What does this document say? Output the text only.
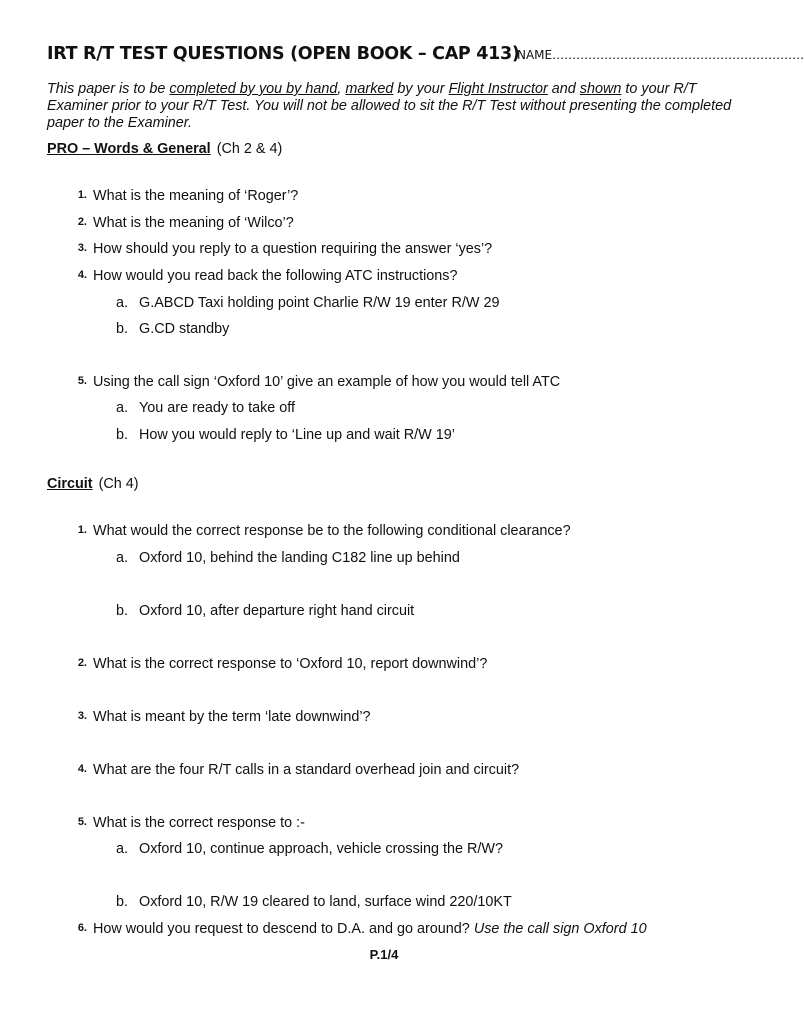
IRT R/T TEST QUESTIONS (OPEN BOOK – CAP 413)
NAME………………………………………………………
This paper is to be completed by you by hand, marked by your Flight Instructor and shown to your R/T Examiner prior to your R/T Test. You will not be allowed to sit the R/T Test without presenting the completed paper to the Examiner.
PRO – Words & General (Ch 2 & 4)
1. What is the meaning of ‘Roger’?
2. What is the meaning of ‘Wilco’?
3. How should you reply to a question requiring the answer ‘yes’?
4. How would you read back the following ATC instructions?
a. G.ABCD Taxi holding point Charlie R/W 19 enter R/W 29
b. G.CD standby
5. Using the call sign ‘Oxford 10’ give an example of how you would tell ATC
a. You are ready to take off
b. How you would reply to ‘Line up and wait R/W 19’
Circuit (Ch 4)
1. What would the correct response be to the following conditional clearance?
a. Oxford 10, behind the landing C182 line up behind
b. Oxford 10, after departure right hand circuit
2. What is the correct response to ‘Oxford 10, report downwind’?
3. What is meant by the term ‘late downwind’?
4. What are the four R/T calls in a standard overhead join and circuit?
5. What is the correct response to :-
a. Oxford 10, continue approach, vehicle crossing the R/W?
b. Oxford 10, R/W 19 cleared to land, surface wind 220/10KT
6. How would you request to descend to D.A. and go around? Use the call sign Oxford 10
P.1/4
